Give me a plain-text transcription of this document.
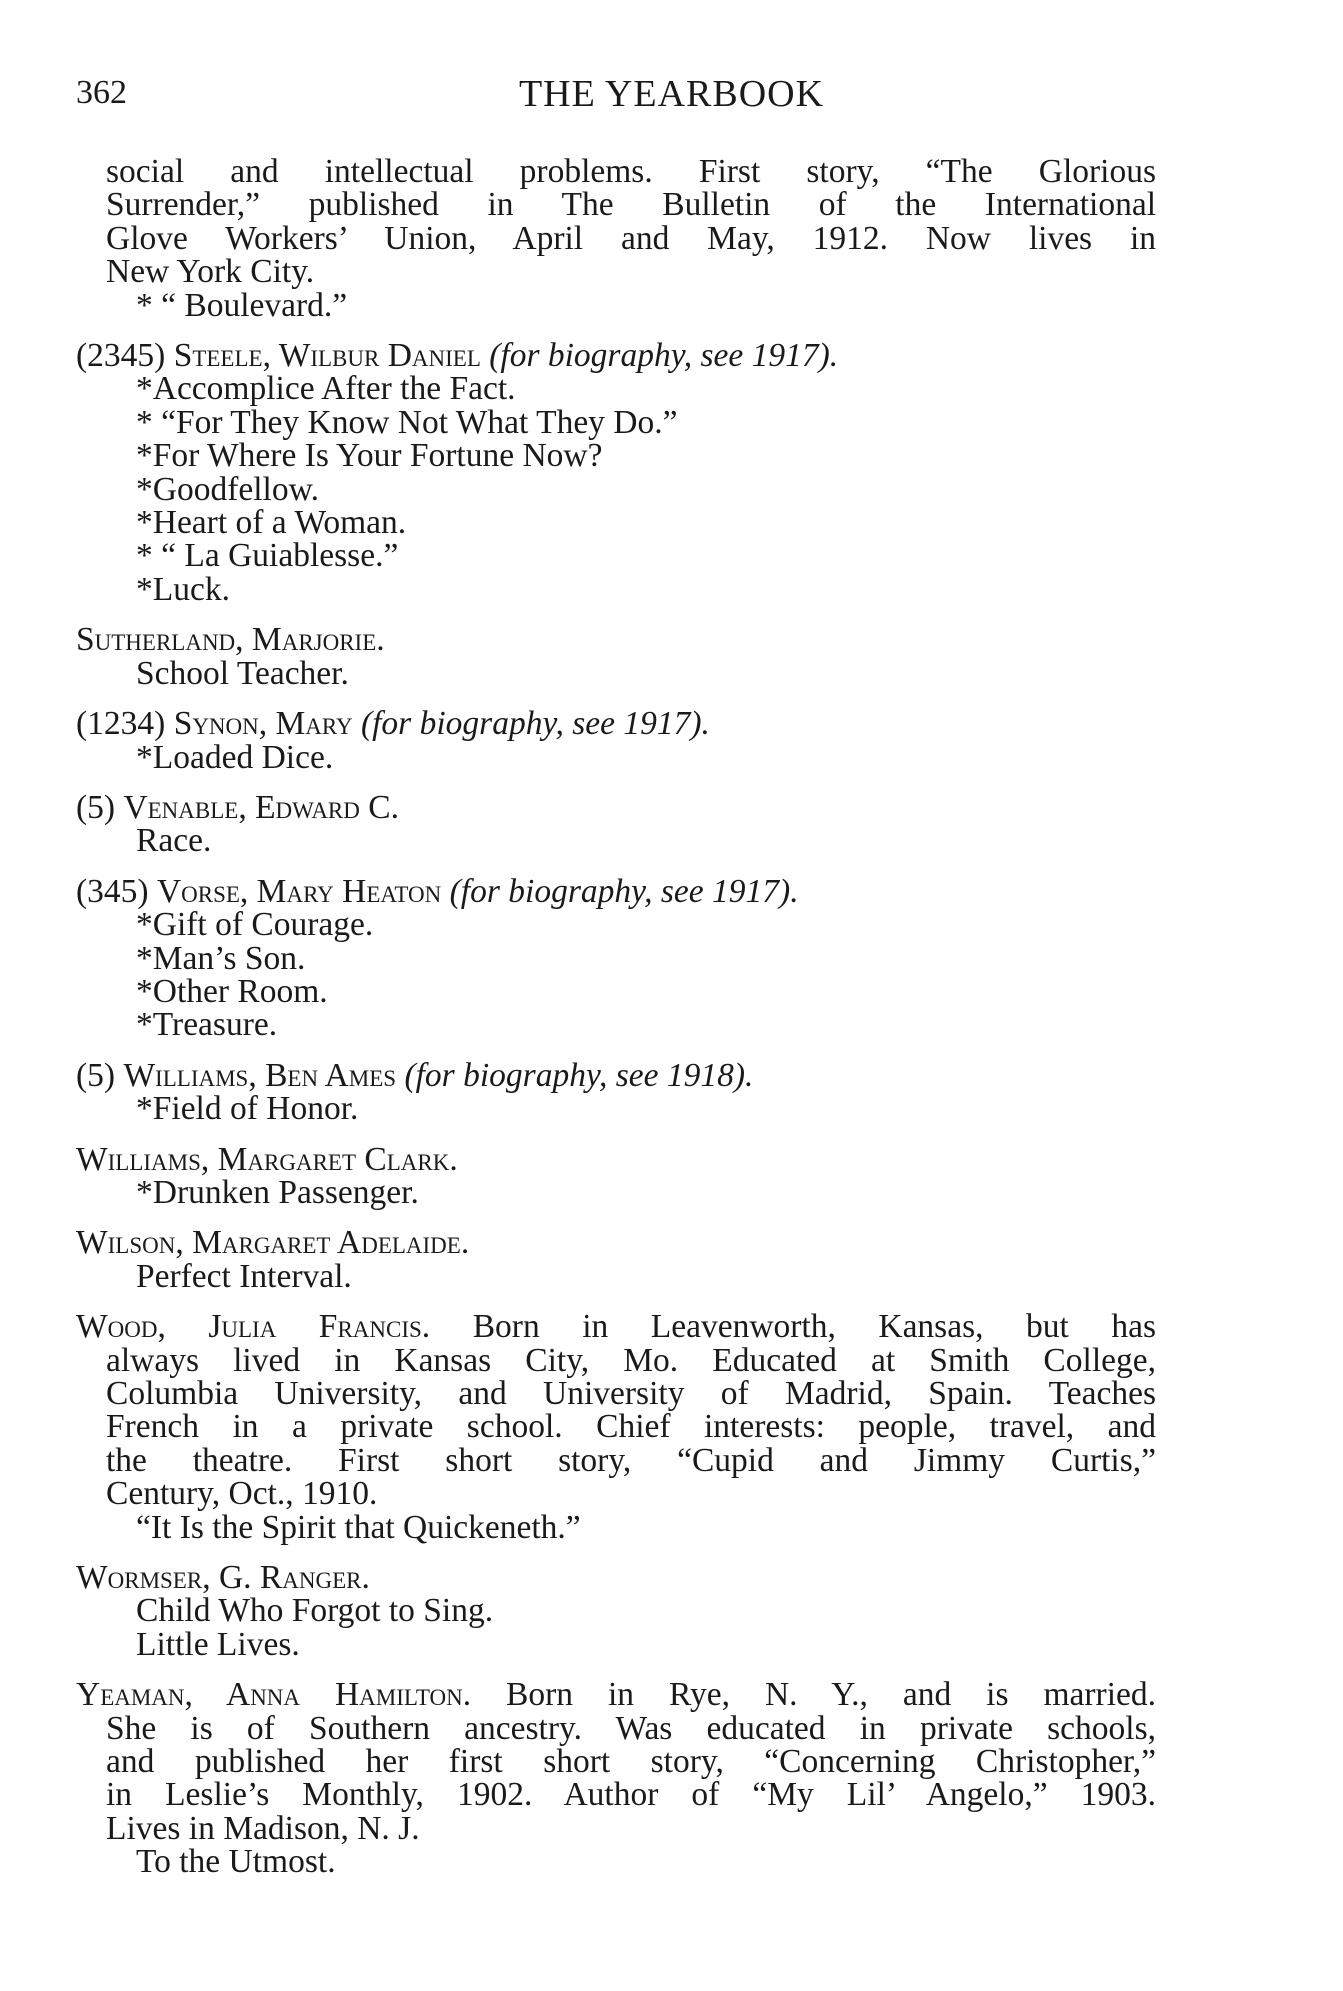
362	THE YEARBOOK
social and intellectual problems. First story, “The Glorious
Surrender,” published in The Bulletin of the International
Glove Workers’ Union, April and May, 1912. Now lives in
New York City.
* “ Boulevard.”
(2345) Steele, Wilbur Daniel (for biography, see 1917).
*Accomplice After the Fact.
* “For They Know Not What They Do.”
*For Where Is Your Fortune Now?
*Goodfellow.
*Heart of a Woman.
* “ La Guiablesse.”
*Luck.
Sutherland, Marjorie.
School Teacher.
(1234) Synon, Mary (for biography, see 1917).
*Loaded Dice.
(5) Venable, Edward C.
Race.
(345) Vorse, Mary Heaton (for biography, see 1917).
*Gift of Courage.
*Man’s Son.
*Other Room.
*Treasure.
(5) Williams, Ben Ames (for biography, see 1918).
*Field of Honor.
Williams, Margaret Clark.
*Drunken Passenger.
Wilson, Margaret Adelaide.
Perfect Interval.
Wood, Julia Francis. Born in Leavenworth, Kansas, but has
always lived in Kansas City, Mo. Educated at Smith College,
Columbia University, and University of Madrid, Spain. Teaches
French in a private school. Chief interests: people, travel, and
the theatre. First short story, “Cupid and Jimmy Curtis,”
Century, Oct., 1910.
“It Is the Spirit that Quickeneth.”
Wormser, G. Ranger.
Child Who Forgot to Sing.
Little Lives.
Yeaman, Anna Hamilton. Born in Rye, N. Y., and is married.
She is of Southern ancestry. Was educated in private schools,
and published her first short story, “Concerning Christopher,”
in Leslie’s Monthly, 1902. Author of “My Lil’ Angelo,” 1903.
Lives in Madison, N. J.
To the Utmost.
